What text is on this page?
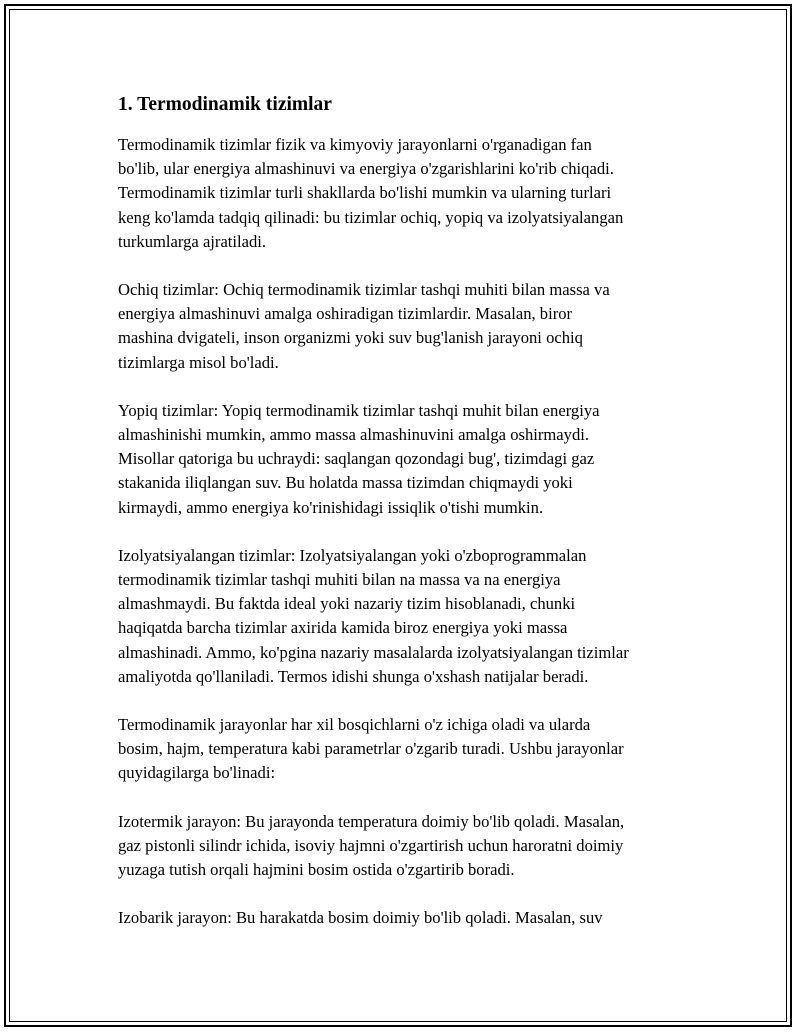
1. Termodinamik tizimlar

Termodinamik tizimlar fizik va kimyoviy jarayonlarni o'rganadigan fan
bo'lib, ular energiya almashinuvi va energiya o'zgarishlarini ko'rib chiqadi.
Termodinamik tizimlar turli shakllarda bo'lishi mumkin va ularning turlari
keng ko'lamda tadqiq qilinadi: bu tizimlar ochiq, yopiq va izolyatsiyalangan
turkumlarga ajratiladi.

Ochiq tizimlar: Ochiq termodinamik tizimlar tashqi muhiti bilan massa va
energiya almashinuvi amalga oshiradigan tizimlardir. Masalan, biror
mashina dvigateli, inson organizmi yoki suv bug'lanish jarayoni ochiq
tizimlarga misol bo'ladi.

Yopiq tizimlar: Yopiq termodinamik tizimlar tashqi muhit bilan energiya
almashinishi mumkin, ammo massa almashinuvini amalga oshirmaydi.
Misollar qatoriga bu uchraydi: saqlangan qozondagi bug', tizimdagi gaz
stakanida iliqlangan suv. Bu holatda massa tizimdan chiqmaydi yoki
kirmaydi, ammo energiya ko'rinishidagi issiqlik o'tishi mumkin.

Izolyatsiyalangan tizimlar: Izolyatsiyalangan yoki o'zboprogrammalan
termodinamik tizimlar tashqi muhiti bilan na massa va na energiya
almashmaydi. Bu faktda ideal yoki nazariy tizim hisoblanadi, chunki
haqiqatda barcha tizimlar axirida kamida biroz energiya yoki massa
almashinadi. Ammo, ko'pgina nazariy masalalarda izolyatsiyalangan tizimlar
amaliyotda qo'llaniladi. Termos idishi shunga o'xshash natijalar beradi.

Termodinamik jarayonlar har xil bosqichlarni o'z ichiga oladi va ularda
bosim, hajm, temperatura kabi parametrlar o'zgarib turadi. Ushbu jarayonlar
quyidagilarga bo'linadi:

Izotermik jarayon: Bu jarayonda temperatura doimiy bo'lib qoladi. Masalan,
gaz pistonli silindr ichida, isoviy hajmni o'zgartirish uchun haroratni doimiy
yuzaga tutish orqali hajmini bosim ostida o'zgartirib boradi.

Izobarik jarayon: Bu harakatda bosim doimiy bo'lib qoladi. Masalan, suv
